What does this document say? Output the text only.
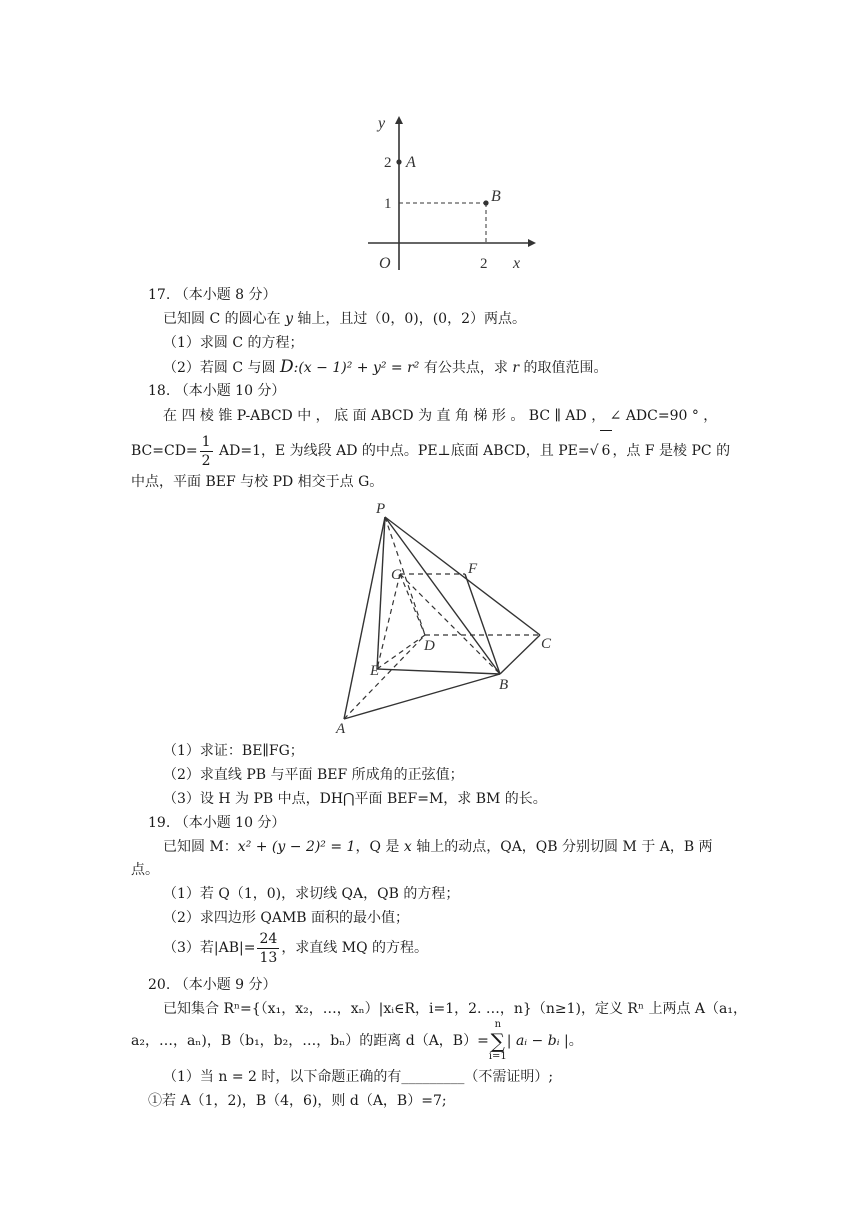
y
x
O
2
1
2
A
B
17. （本小题 8 分）
已知圆 C 的圆心在 y 轴上，且过（0，0)，(0，2）两点。
（1）求圆 C 的方程；
（2）若圆 C 与圆 D:(x − 1)² + y² = r² 有公共点，求 r 的取值范围。
18. （本小题 10 分）
在 四 棱 锥 P-ABCD 中 ， 底 面 ABCD 为 直 角 梯 形 。 BC ∥ AD ， ∠ ADC=90 ° ，
$BC=CD= \frac{1}{2} AD=1$，E 为线段 AD 的中点。PE⊥底面 ABCD，且 PE=√ 6 ，点 F 是棱 PC 的
中点，平面 BEF 与校 PD 相交于点 G。
P
G	F
D	C
E
B
A
（1）求证：BE∥FG；
（2）求直线 PB 与平面 BEF 所成角的正弦值；
（3）设 H 为 PB 中点，DH⋂平面 BEF=M，求 BM 的长。
19. （本小题 10 分）
已知圆 M：x² + (y − 2)² = 1，Q 是 x 轴上的动点，QA，QB 分别切圆 M 于 A，B 两
点。
（1）若 Q（1，0)，求切线 QA，QB 的方程；
（2）求四边形 QAMB 面积的最小值；
（3）若$|AB|= \frac{24}{13}$ ，求直线 MQ 的方程。
20. （本小题 9 分）
已知集合 Rⁿ={（x₁，x₂，…，xₙ）|xᵢ∈R，i=1，2. …，n}（n≥1)，定义 Rⁿ 上两点 A（a₁，
a₂，…，aₙ)，B（b₁，b₂，…，bₙ）的距离 d（A，B）=
n
∑
i=1
| aᵢ − bᵢ |。
（1）当 n = 2 时，以下命题正确的有_________（不需证明）;
①若 A（1，2)，B（4，6)，则 d（A，B）=7;
